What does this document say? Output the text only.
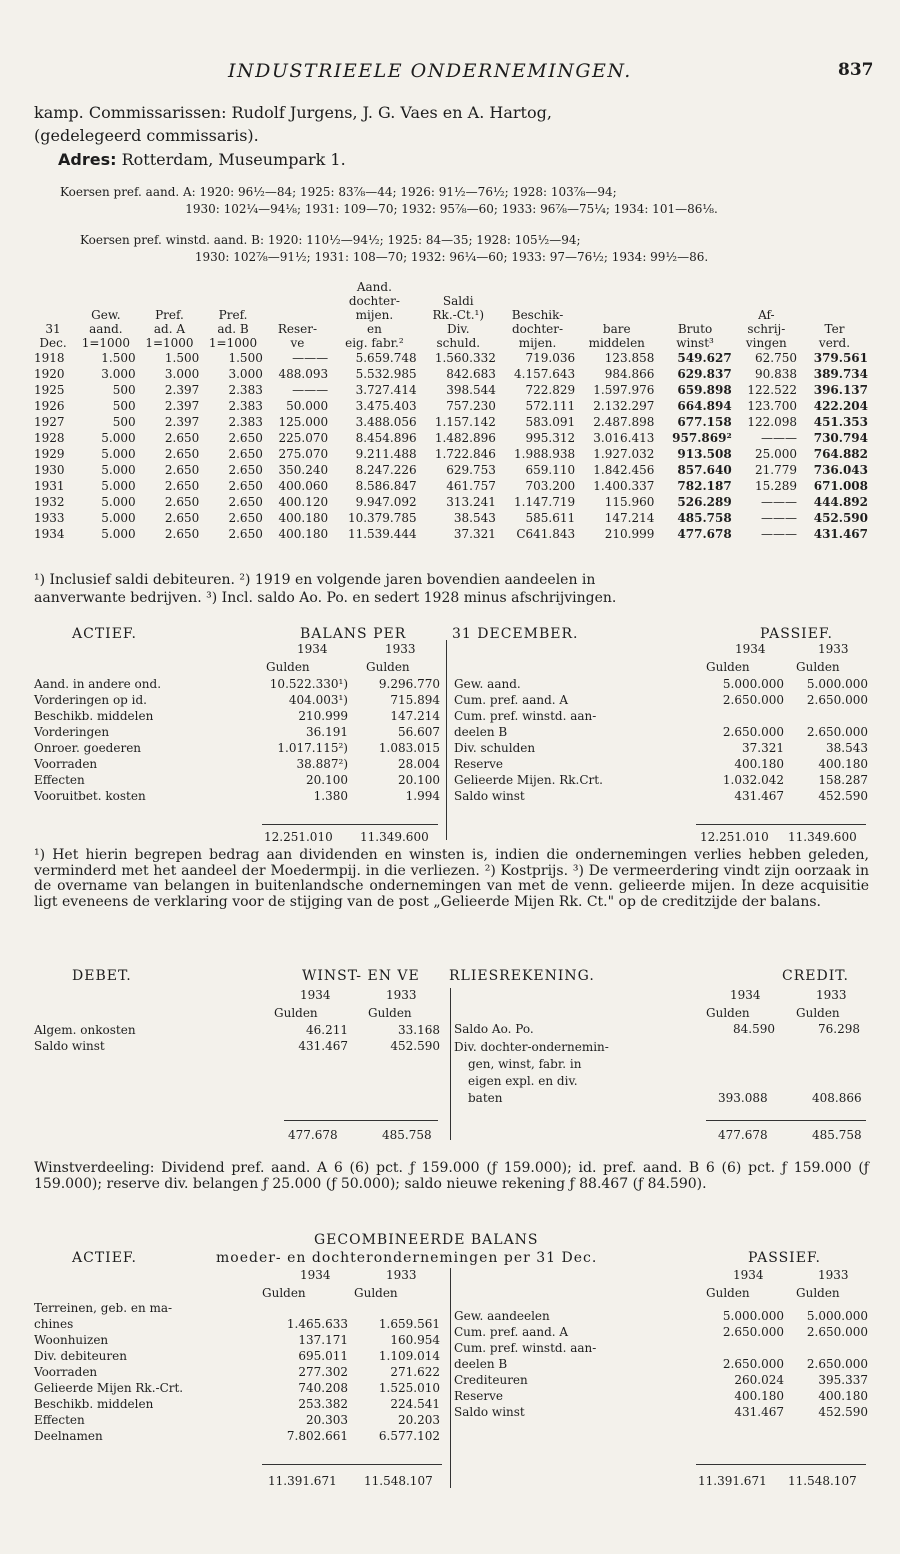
INDUSTRIEELE ONDERNEMINGEN.	837
kamp. Commissarissen: Rudolf Jurgens, J. G. Vaes en A. Hartog,
(gedelegeerd commissaris).
Adres: Rotterdam, Museumpark 1.
Koersen pref. aand. A: 1920: 96½—84; 1925: 83⅞—44; 1926: 91½—76½; 1928: 103⅞—94;
1930: 102¼—94⅛; 1931: 109—70; 1932: 95⅞—60; 1933: 96⅞—75¼; 1934: 101—86⅛.
Koersen pref. winstd. aand. B: 1920: 110½—94½; 1925: 84—35; 1928: 105½—94;
1930: 102⅞—91½; 1931: 108—70; 1932: 96¼—60; 1933: 97—76½; 1934: 99½—86.
					Aand.						
					dochter-	Saldi					
	Gew.	Pref.	Pref.		mijen.	Rk.-Ct.¹)	Beschik-			Af-	
31	aand.	ad. A	ad. B	Reser-	en	Div.	dochter-	bare	Bruto	schrij-	Ter
Dec.	1=1000	1=1000	1=1000	ve	eig. fabr.²	schuld.	mijen.	middelen	winst³	vingen	verd.
1918	1.500	1.500	1.500	———	5.659.748	1.560.332	719.036	123.858	549.627	62.750	379.561
1920	3.000	3.000	3.000	488.093	5.532.985	842.683	4.157.643	984.866	629.837	90.838	389.734
1925	500	2.397	2.383	———	3.727.414	398.544	722.829	1.597.976	659.898	122.522	396.137
1926	500	2.397	2.383	50.000	3.475.403	757.230	572.111	2.132.297	664.894	123.700	422.204
1927	500	2.397	2.383	125.000	3.488.056	1.157.142	583.091	2.487.898	677.158	122.098	451.353
1928	5.000	2.650	2.650	225.070	8.454.896	1.482.896	995.312	3.016.413	957.869²	———	730.794
1929	5.000	2.650	2.650	275.070	9.211.488	1.722.846	1.988.938	1.927.032	913.508	25.000	764.882
1930	5.000	2.650	2.650	350.240	8.247.226	629.753	659.110	1.842.456	857.640	21.779	736.043
1931	5.000	2.650	2.650	400.060	8.586.847	461.757	703.200	1.400.337	782.187	15.289	671.008
1932	5.000	2.650	2.650	400.120	9.947.092	313.241	1.147.719	115.960	526.289	———	444.892
1933	5.000	2.650	2.650	400.180	10.379.785	38.543	585.611	147.214	485.758	———	452.590
1934	5.000	2.650	2.650	400.180	11.539.444	37.321	C641.843	210.999	477.678	———	431.467
¹) Inclusief saldi debiteuren. ²) 1919 en volgende jaren bovendien aandeelen in
aanverwante bedrijven. ³) Incl. saldo Ao. Po. en sedert 1928 minus afschrijvingen.
ACTIEF.	BALANS PER	31 DECEMBER.	PASSIEF.
1934	1933
Gulden	Gulden
1934	1933
Gulden	Gulden
Aand. in andere ond.	10.522.330¹)	9.296.770
Vorderingen op id.	404.003¹)	715.894
Beschikb. middelen	210.999	147.214
Vorderingen	36.191	56.607
Onroer. goederen	1.017.115²)	1.083.015
Voorraden	38.887²)	28.004
Effecten	20.100	20.100
Vooruitbet. kosten	1.380	1.994
Gew. aand.	5.000.000	5.000.000
Cum. pref. aand. A	2.650.000	2.650.000
Cum. pref. winstd. aan-		
deelen B	2.650.000	2.650.000
Div. schulden	37.321	38.543
Reserve	400.180	400.180
Gelieerde Mijen. Rk.Crt.	1.032.042	158.287
Saldo winst	431.467	452.590
12.251.010 11.349.600	12.251.010 11.349.600
¹) Het hierin begrepen bedrag aan dividenden en winsten is, indien die ondernemingen verlies hebben geleden, verminderd met het aandeel der Moedermpij. in die verliezen. ²) Kostprijs. ³) De vermeerdering vindt zijn oorzaak in de overname van belangen in buitenlandsche ondernemingen van met de venn. gelieerde mijen. In deze acquisitie ligt eveneens de verklaring voor de stijging van de post „Gelieerde Mijen Rk. Ct." op de creditzijde der balans.
DEBET.	WINST- EN VE RLIESREKENING.	CREDIT.
1934	1933
Gulden	Gulden
1934	1933
Gulden	Gulden
Algem. onkosten	46.211	33.168
Saldo winst	431.467	452.590
Saldo Ao. Po.	84.590	76.298
Div. dochter-ondernemin-
gen, winst, fabr. in
eigen expl. en div.
baten	393.088	408.866
477.678	485.758	477.678	485.758
Winstverdeeling: Dividend pref. aand. A 6 (6) pct. ƒ 159.000 (ƒ 159.000); id. pref. aand. B 6 (6) pct. ƒ 159.000 (ƒ 159.000); reserve div. belangen ƒ 25.000 (ƒ 50.000); saldo nieuwe rekening ƒ 88.467 (ƒ 84.590).
GECOMBINEERDE BALANS
ACTIEF.	moeder- en dochterondernemingen per 31 Dec.	PASSIEF.
1934	1933
Gulden	Gulden
1934	1933
Gulden	Gulden
Terreinen, geb. en ma-		
chines	1.465.633	1.659.561
Woonhuizen	137.171	160.954
Div. debiteuren	695.011	1.109.014
Voorraden	277.302	271.622
Gelieerde Mijen Rk.-Crt.	740.208	1.525.010
Beschikb. middelen	253.382	224.541
Effecten	20.303	20.203
Deelnamen	7.802.661	6.577.102

Gew. aandeelen	5.000.000	5.000.000
Cum. pref. aand. A	2.650.000	2.650.000
Cum. pref. winstd. aan-		
deelen B	2.650.000	2.650.000
Crediteuren	260.024	395.337
Reserve	400.180	400.180
Saldo winst	431.467	452.590

11.391.671 11.548.107	11.391.671 11.548.107
